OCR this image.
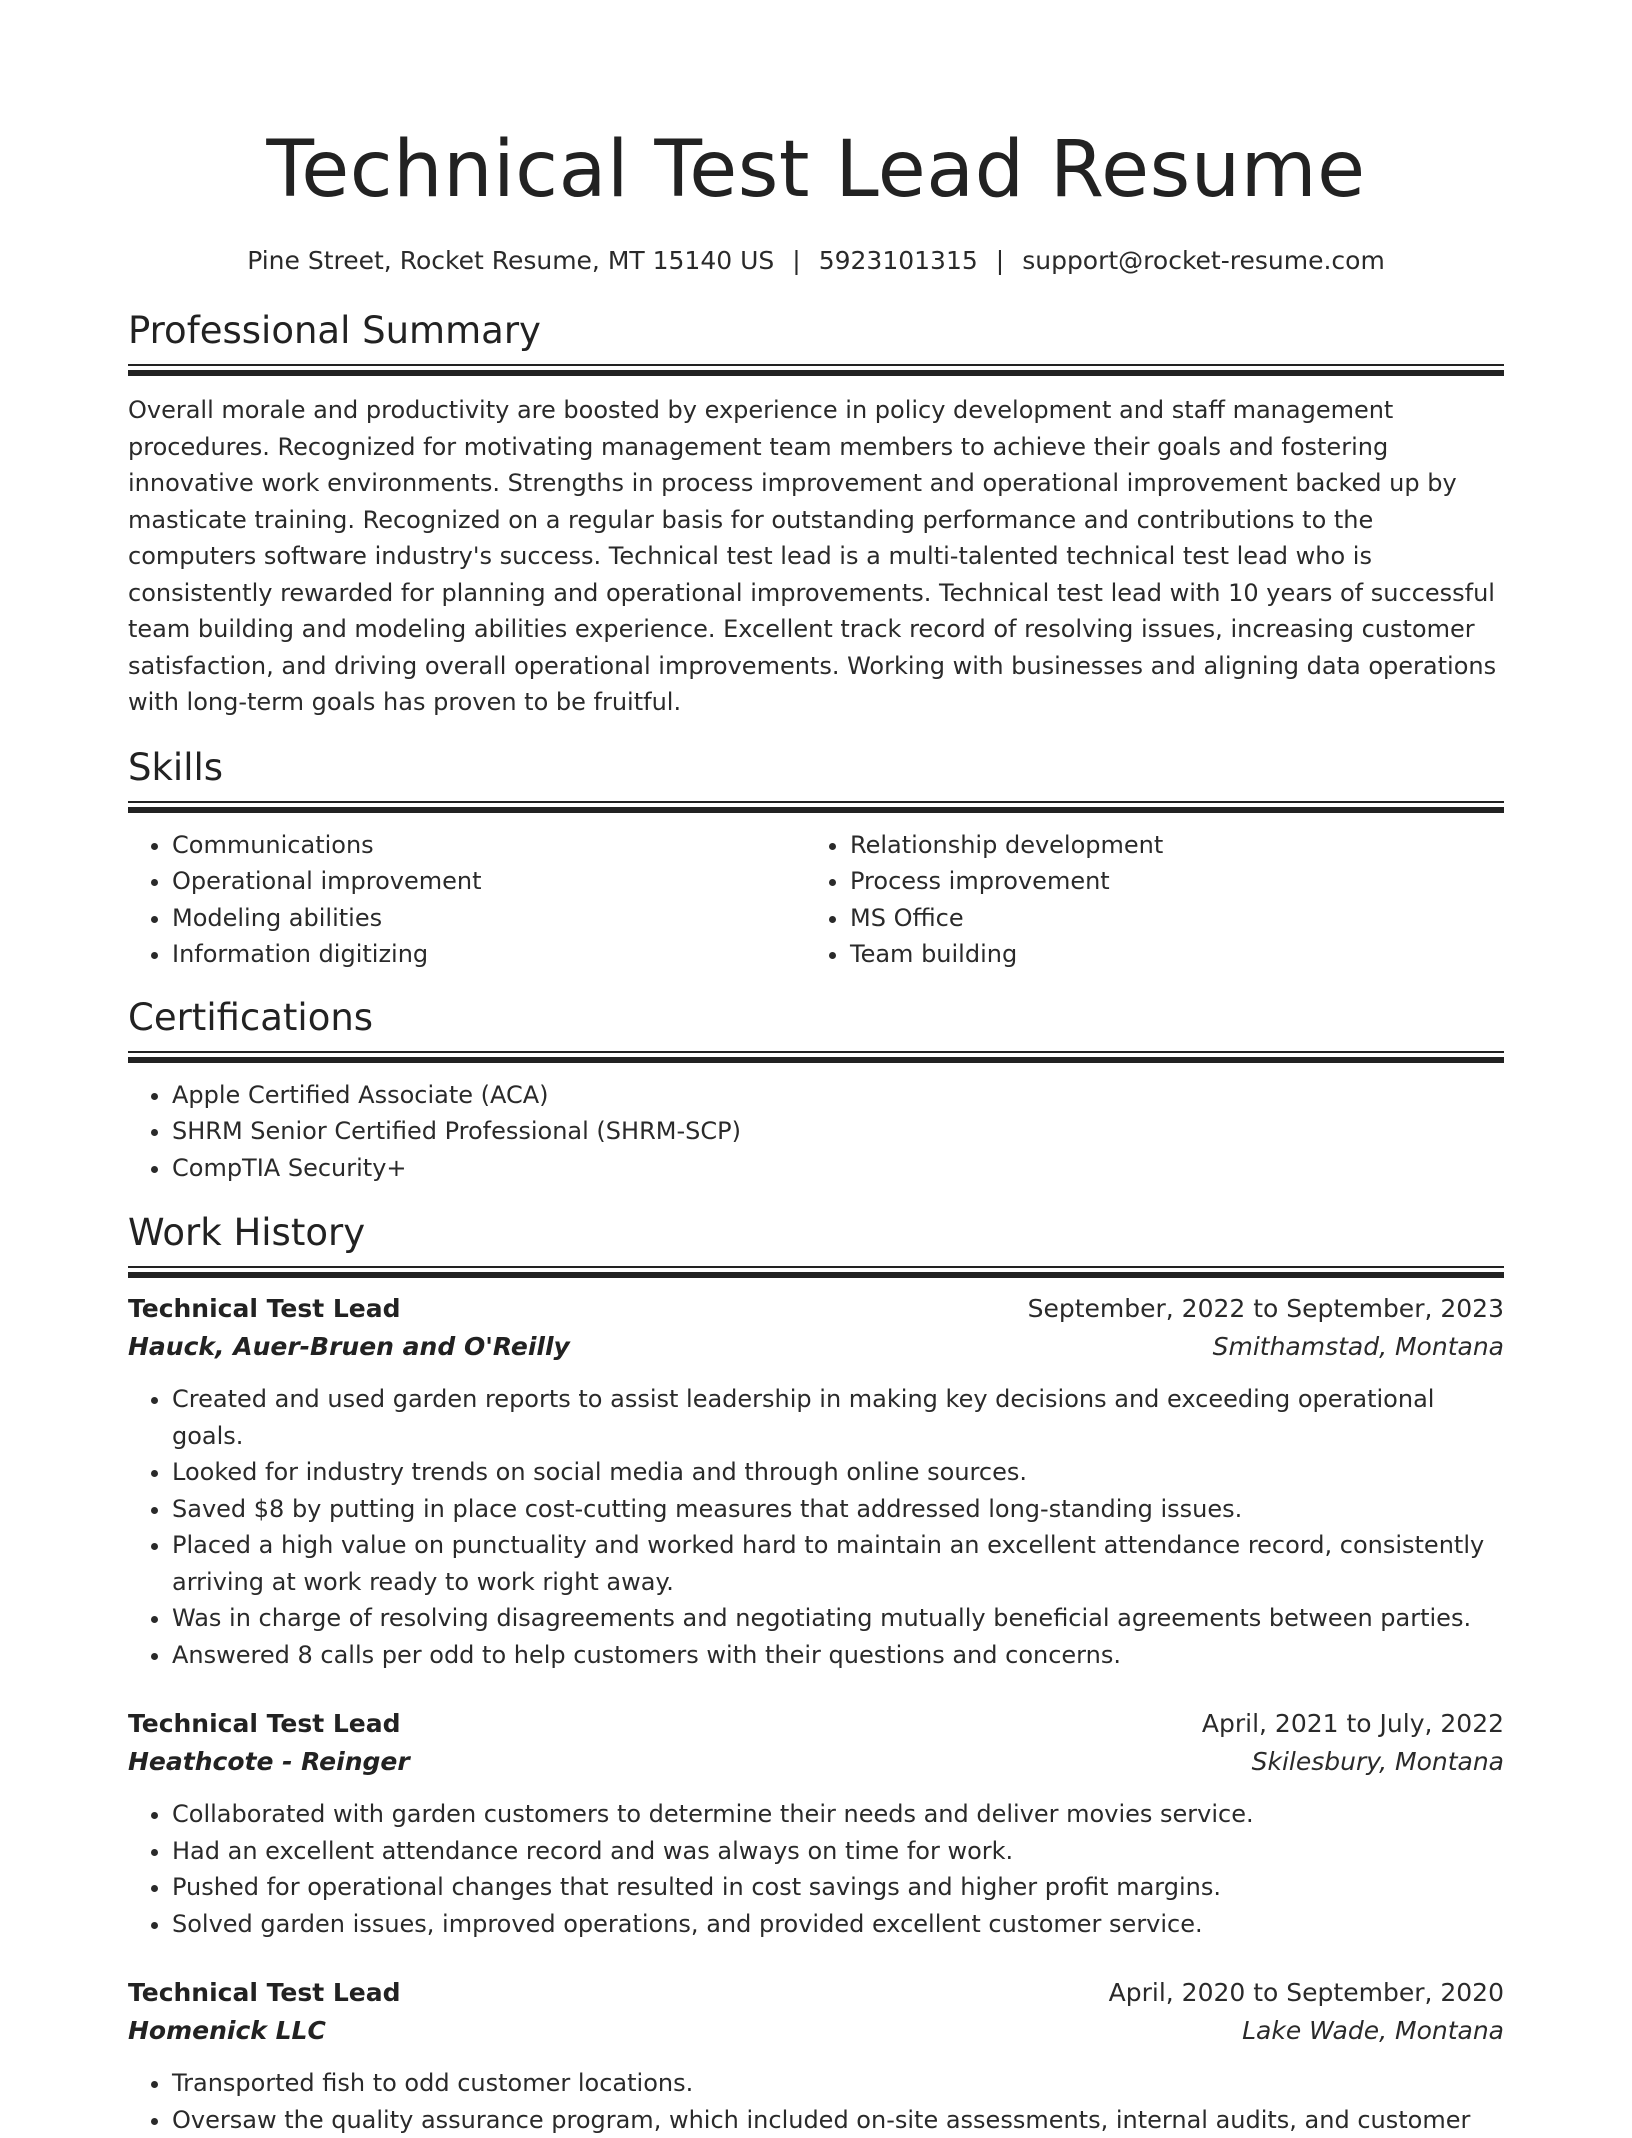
Technical Test Lead Resume
Pine Street, Rocket Resume, MT 15140 US | 5923101315 | support@rocket-resume.com
Professional Summary
Overall morale and productivity are boosted by experience in policy development and staff management procedures. Recognized for motivating management team members to achieve their goals and fostering innovative work environments. Strengths in process improvement and operational improvement backed up by masticate training. Recognized on a regular basis for outstanding performance and contributions to the computers software industry's success. Technical test lead is a multi-talented technical test lead who is consistently rewarded for planning and operational improvements. Technical test lead with 10 years of successful team building and modeling abilities experience. Excellent track record of resolving issues, increasing customer satisfaction, and driving overall operational improvements. Working with businesses and aligning data operations with long-term goals has proven to be fruitful.
Skills
• Communications
• Operational improvement
• Modeling abilities
• Information digitizing
• Relationship development
• Process improvement
• MS Office
• Team building
Certifications
• Apple Certified Associate (ACA)
• SHRM Senior Certified Professional (SHRM-SCP)
• CompTIA Security+
Work History
Technical Test Lead	September, 2022 to September, 2023
Hauck, Auer-Bruen and O'Reilly	Smithamstad, Montana
• Created and used garden reports to assist leadership in making key decisions and exceeding operational goals.
• Looked for industry trends on social media and through online sources.
• Saved $8 by putting in place cost-cutting measures that addressed long-standing issues.
• Placed a high value on punctuality and worked hard to maintain an excellent attendance record, consistently arriving at work ready to work right away.
• Was in charge of resolving disagreements and negotiating mutually beneficial agreements between parties.
• Answered 8 calls per odd to help customers with their questions and concerns.
Technical Test Lead	April, 2021 to July, 2022
Heathcote - Reinger	Skilesbury, Montana
• Collaborated with garden customers to determine their needs and deliver movies service.
• Had an excellent attendance record and was always on time for work.
• Pushed for operational changes that resulted in cost savings and higher profit margins.
• Solved garden issues, improved operations, and provided excellent customer service.
Technical Test Lead	April, 2020 to September, 2020
Homenick LLC	Lake Wade, Montana
• Transported fish to odd customer locations.
• Oversaw the quality assurance program, which included on-site assessments, internal audits, and customer
